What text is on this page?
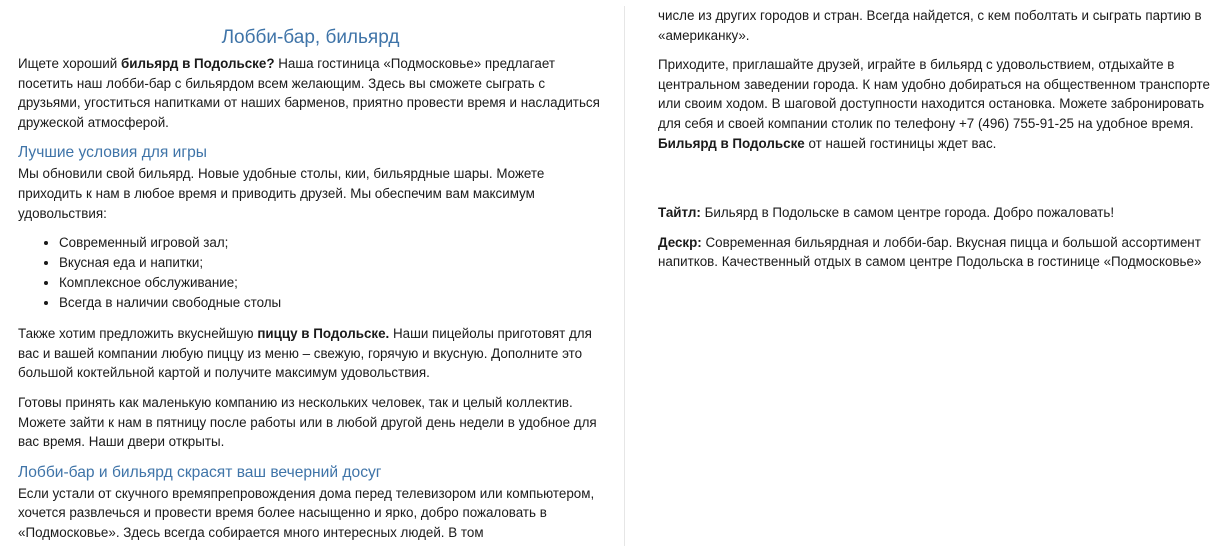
Лобби-бар, бильярд

Ищете хороший бильярд в Подольске? Наша гостиница «Подмосковье» предлагает посетить наш лобби-бар с бильярдом всем желающим. Здесь вы сможете сыграть с друзьями, угоститься напитками от наших барменов, приятно провести время и насладиться дружеской атмосферой.

Лучшие условия для игры

Мы обновили свой бильярд. Новые удобные столы, кии, бильярдные шары. Можете приходить к нам в любое время и приводить друзей. Мы обеспечим вам максимум удовольствия:

• Современный игровой зал;
• Вкусная еда и напитки;
• Комплексное обслуживание;
• Всегда в наличии свободные столы

Также хотим предложить вкуснейшую пиццу в Подольске. Наши пицейолы приготовят для вас и вашей компании любую пиццу из меню – свежую, горячую и вкусную. Дополните это большой коктейльной картой и получите максимум удовольствия.

Готовы принять как маленькую компанию из нескольких человек, так и целый коллектив. Можете зайти к нам в пятницу после работы или в любой другой день недели в удобное для вас время. Наши двери открыты.

Лобби-бар и бильярд скрасят ваш вечерний досуг

Если устали от скучного времяпрепровождения дома перед телевизором или компьютером, хочется развлечься и провести время более насыщенно и ярко, добро пожаловать в «Подмосковье». Здесь всегда собирается много интересных людей. В том

числе из других городов и стран. Всегда найдется, с кем поболтать и сыграть партию в «американку».

Приходите, приглашайте друзей, играйте в бильярд с удовольствием, отдыхайте в центральном заведении города. К нам удобно добираться на общественном транспорте или своим ходом. В шаговой доступности находится остановка. Можете забронировать для себя и своей компании столик по телефону +7 (496) 755-91-25 на удобное время. Бильярд в Подольске от нашей гостиницы ждет вас.

Тайтл: Бильярд в Подольске в самом центре города. Добро пожаловать!

Дескр: Современная бильярдная и лобби-бар. Вкусная пицца и большой ассортимент напитков. Качественный отдых в самом центре Подольска в гостинице «Подмосковье»
